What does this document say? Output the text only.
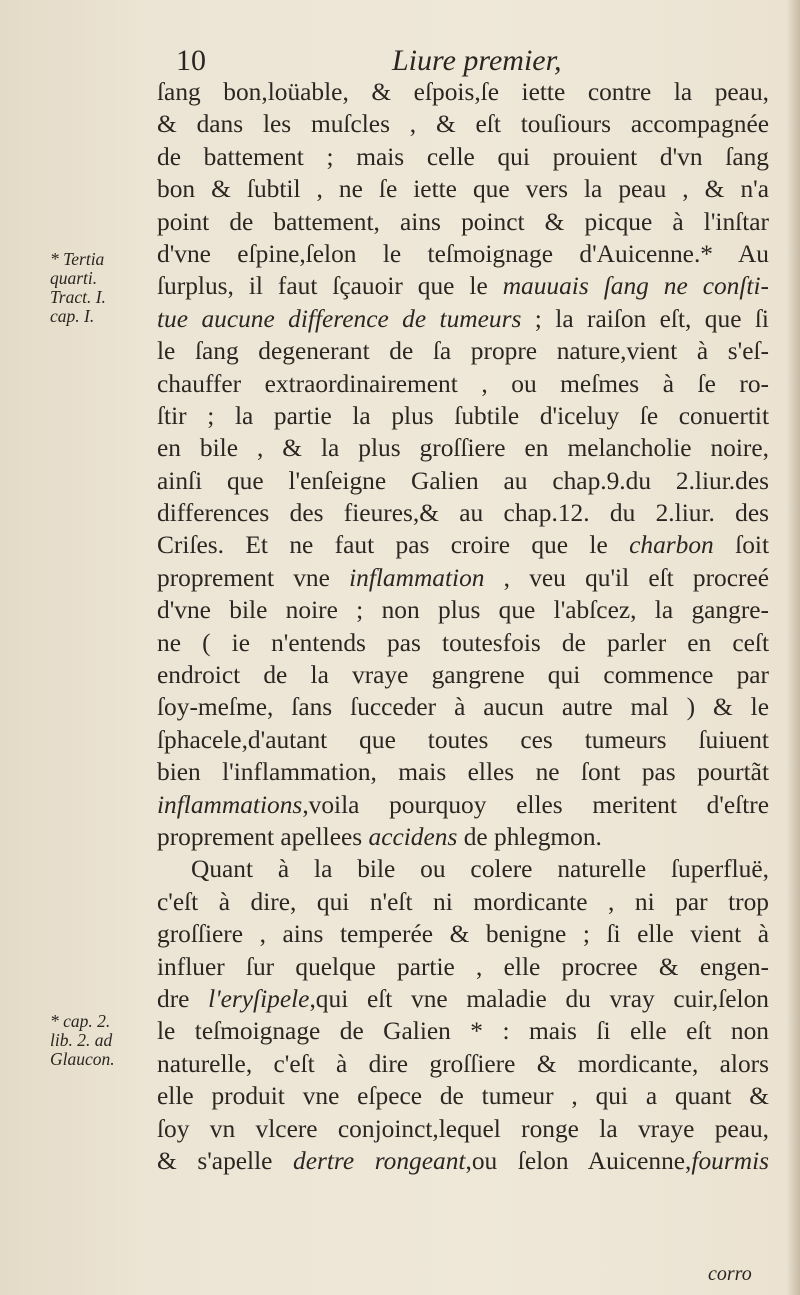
10	Liure premier,
* Tertia
quarti.
Tract. I.
cap. I.
* cap. 2.
lib. 2. ad
Glaucon.
ſang bon,loüable, & eſpois,ſe iette contre la peau,
& dans les muſcles , & eſt touſiours accompagnée
de battement ; mais celle qui prouient d'vn ſang
bon & ſubtil , ne ſe iette que vers la peau , & n'a
point de battement, ains poinct & picque à l'inſtar
d'vne eſpine,ſelon le teſmoignage d'Auicenne.* Au
ſurplus, il faut ſçauoir que le mauuais ſang ne conſti-
tue aucune difference de tumeurs ; la raiſon eſt, que ſi
le ſang degenerant de ſa propre nature,vient à s'eſ-
chauffer extraordinairement , ou meſmes à ſe ro-
ſtir ; la partie la plus ſubtile d'iceluy ſe conuertit
en bile , & la plus groſſiere en melancholie noire,
ainſi que l'enſeigne Galien au chap.9.du 2.liur.des
differences des fieures,& au chap.12. du 2.liur. des
Criſes. Et ne faut pas croire que le charbon ſoit
proprement vne inflammation , veu qu'il eſt procreé
d'vne bile noire ; non plus que l'abſcez, la gangre-
ne ( ie n'entends pas toutesfois de parler en ceſt
endroict de la vraye gangrene qui commence par
ſoy-meſme, ſans ſucceder à aucun autre mal ) & le
ſphacele,d'autant que toutes ces tumeurs ſuiuent
bien l'inflammation, mais elles ne ſont pas pourtãt
inflammations,voila pourquoy elles meritent d'eſtre
proprement apellees accidens de phlegmon.
Quant à la bile ou colere naturelle ſuperfluë,
c'eſt à dire, qui n'eſt ni mordicante , ni par trop
groſſiere , ains temperée & benigne ; ſi elle vient à
influer ſur quelque partie , elle procree & engen-
dre l'eryſipele,qui eſt vne maladie du vray cuir,ſelon
le teſmoignage de Galien * : mais ſi elle eſt non
naturelle, c'eſt à dire groſſiere & mordicante, alors
elle produit vne eſpece de tumeur , qui a quant &
ſoy vn vlcere conjoinct,lequel ronge la vraye peau,
& s'apelle dertre rongeant,ou ſelon Auicenne,fourmis
corro
